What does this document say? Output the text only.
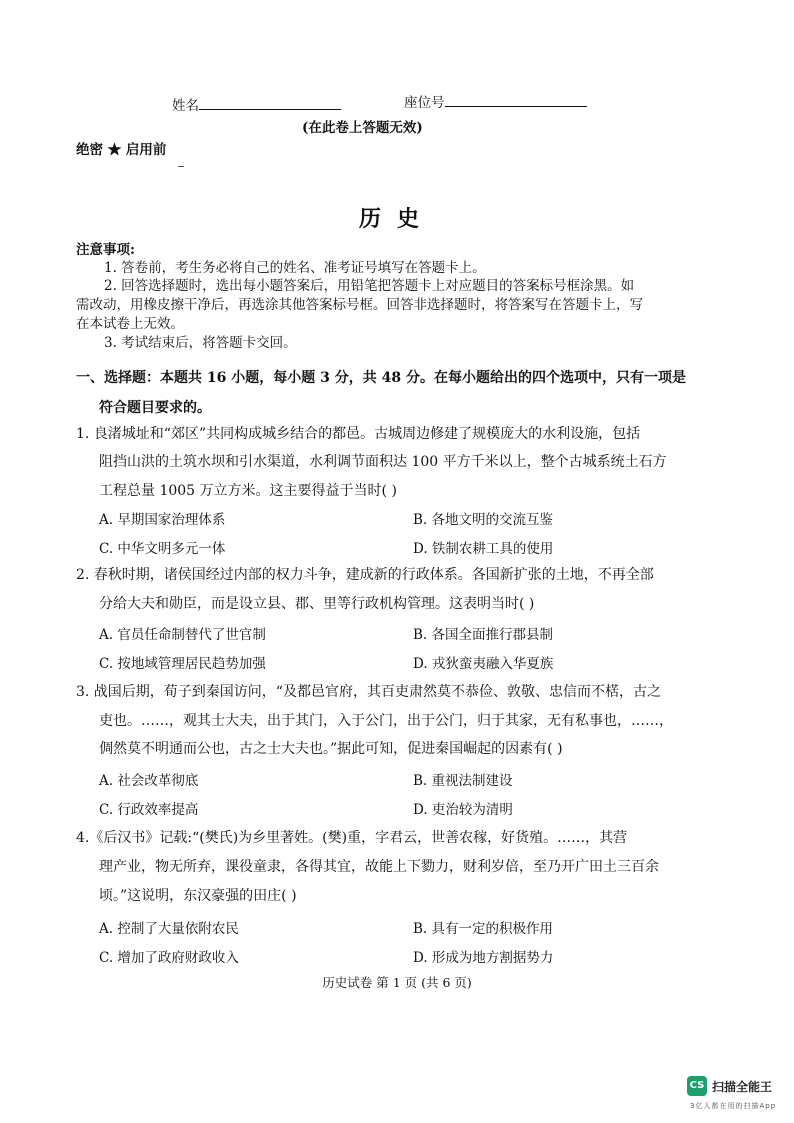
姓名	座位号
(在此卷上答题无效)
绝密 ★ 启用前
历史
注意事项:
1. 答卷前，考生务必将自己的姓名、准考证号填写在答题卡上。
2. 回答选择题时，选出每小题答案后，用铅笔把答题卡上对应题目的答案标号框涂黑。如
需改动，用橡皮擦干净后，再选涂其他答案标号框。回答非选择题时，将答案写在答题卡上，写
在本试卷上无效。
3. 考试结束后，将答题卡交回。
一、选择题：本题共 16 小题，每小题 3 分，共 48 分。在每小题给出的四个选项中，只有一项是
符合题目要求的。
1. 良渚城址和“郊区”共同构成城乡结合的都邑。古城周边修建了规模庞大的水利设施，包括
阻挡山洪的土筑水坝和引水渠道，水利调节面积达 100 平方千米以上，整个古城系统土石方
工程总量 1005 万立方米。这主要得益于当时( )
A. 早期国家治理体系	B. 各地文明的交流互鉴
C. 中华文明多元一体	D. 铁制农耕工具的使用
2. 春秋时期，诸侯国经过内部的权力斗争，建成新的行政体系。各国新扩张的土地，不再全部
分给大夫和勋臣，而是设立县、郡、里等行政机构管理。这表明当时( )
A. 官员任命制替代了世官制	B. 各国全面推行郡县制
C. 按地域管理居民趋势加强	D. 戎狄蛮夷融入华夏族
3. 战国后期，荀子到秦国访问，“及都邑官府，其百吏肃然莫不恭俭、敦敬、忠信而不楛，古之
吏也。……，观其士大夫，出于其门，入于公门，出于公门，归于其家，无有私事也，……，
倜然莫不明通而公也，古之士大夫也。”据此可知，促进秦国崛起的因素有( )
A. 社会改革彻底	B. 重视法制建设
C. 行政效率提高	D. 吏治较为清明
4.《后汉书》记载:“(樊氏)为乡里著姓。(樊)重，字君云，世善农稼，好货殖。……，其营
理产业，物无所弃，课役童隶，各得其宜，故能上下勠力，财利岁倍，至乃开广田土三百余
顷。”这说明，东汉豪强的田庄( )
A. 控制了大量依附农民	B. 具有一定的积极作用
C. 增加了政府财政收入	D. 形成为地方割据势力
历史试卷 第 1 页 (共 6 页)
CS 扫描全能王
3亿人都在用的扫描App
